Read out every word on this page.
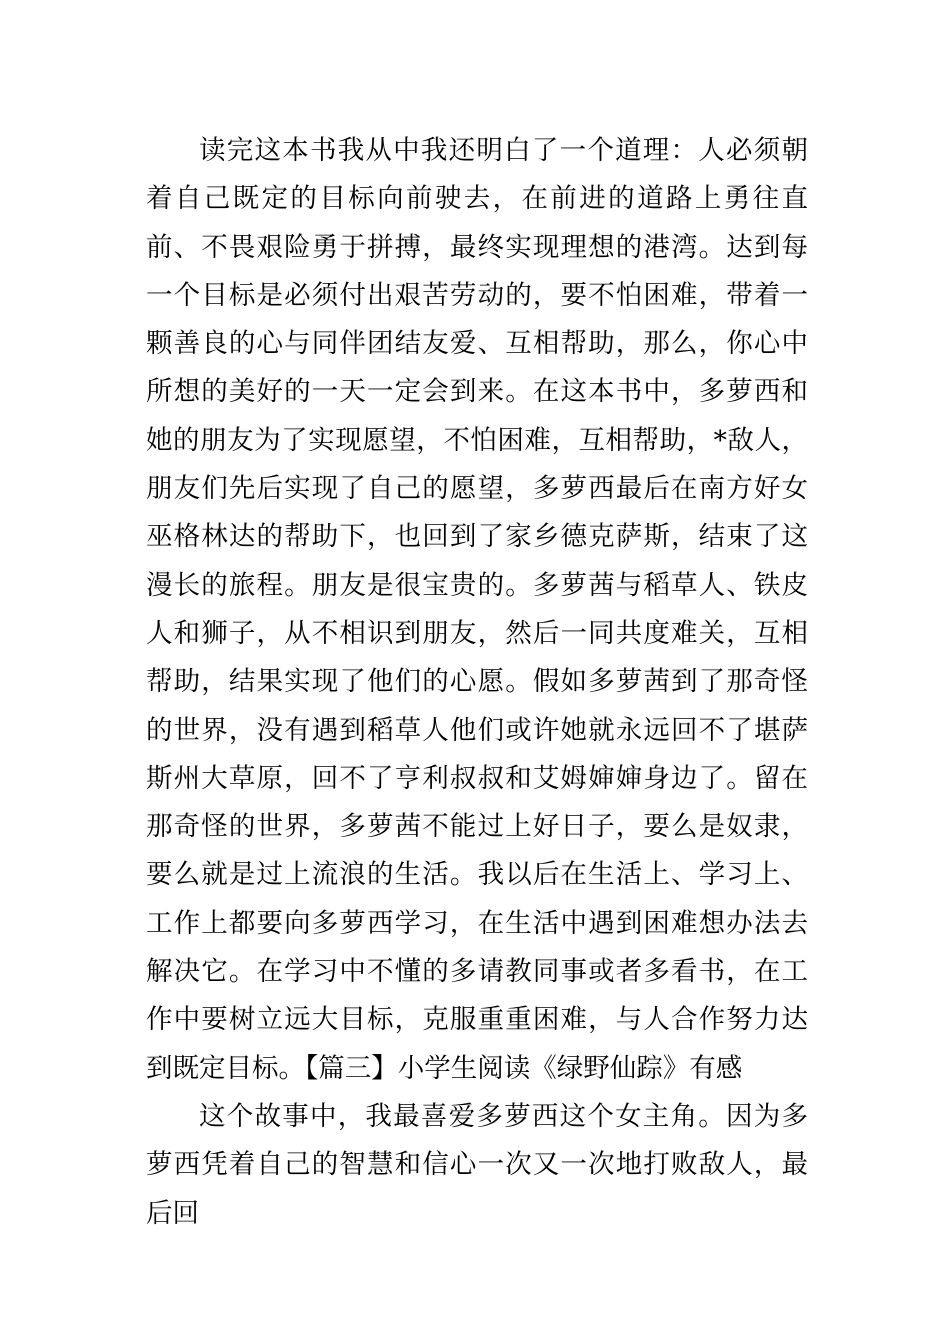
读完这本书我从中我还明白了一个道理：人必须朝着自己既定的目标向前驶去，在前进的道路上勇往直前、不畏艰险勇于拼搏，最终实现理想的港湾。达到每一个目标是必须付出艰苦劳动的，要不怕困难，带着一颗善良的心与同伴团结友爱、互相帮助，那么，你心中所想的美好的一天一定会到来。在这本书中，多萝西和她的朋友为了实现愿望，不怕困难，互相帮助，*敌人，朋友们先后实现了自己的愿望，多萝西最后在南方好女巫格林达的帮助下，也回到了家乡德克萨斯，结束了这漫长的旅程。朋友是很宝贵的。多萝茜与稻草人、铁皮人和狮子，从不相识到朋友，然后一同共度难关，互相帮助，结果实现了他们的心愿。假如多萝茜到了那奇怪的世界，没有遇到稻草人他们或许她就永远回不了堪萨斯州大草原，回不了亨利叔叔和艾姆婶婶身边了。留在那奇怪的世界，多萝茜不能过上好日子，要么是奴隶，要么就是过上流浪的生活。我以后在生活上、学习上、工作上都要向多萝西学习，在生活中遇到困难想办法去解决它。在学习中不懂的多请教同事或者多看书，在工作中要树立远大目标，克服重重困难，与人合作努力达到既定目标。【篇三】小学生阅读《绿野仙踪》有感

这个故事中，我最喜爱多萝西这个女主角。因为多萝西凭着自己的智慧和信心一次又一次地打败敌人，最后回
